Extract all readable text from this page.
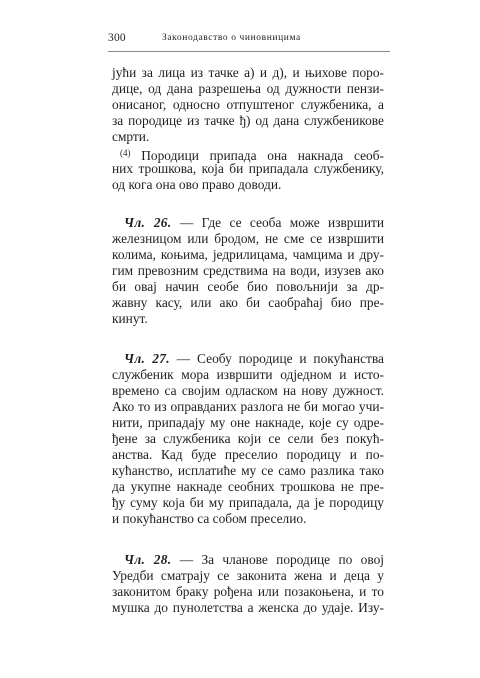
300	Законодавство о чиновницима
јући за лица из тачке а) и д), и њихове поро-
дице, од дана разрешења од дужности пензи-
онисаног, односно отпуштеног службеника, а
за породице из тачке ђ) од дана службеникове
смрти.
$^{(4)}$ Породици припада она накнада сеоб-
них трошкова, која би припадала службенику,
од кога она ово право доводи.
Чл. 26. — Где се сеоба може извршити
железницом или бродом, не сме се извршити
колима, коњима, једрилицама, чамцима и дру-
гим превозним средствима на води, изузев ако
би овај начин сеобе био повољнији за др-
жавну касу, или ако би саобраћај био пре-
кинут.
Чл. 27. — Сеобу породице и покућанства
службеник мора извршити одједном и исто-
времено са својим одласком на нову дужност.
Ако то из оправданих разлога не би могао учи-
нити, припадају му оне накнаде, које су одре-
ђене за службеника који се сели без покућ-
анства. Кад буде преселио породицу и по-
кућанство, исплатиће му се само разлика тако
да укупне накнаде сеобних трошкова не пре-
ђу суму која би му припадала, да је породицу
и покућанство са собом преселио.
Чл. 28. — За чланове породице по овој
Уредби сматрају се законита жена и деца у
законитом браку рођена или позакоњена, и то
мушка до пунолетства а женска до удаје. Изу-
